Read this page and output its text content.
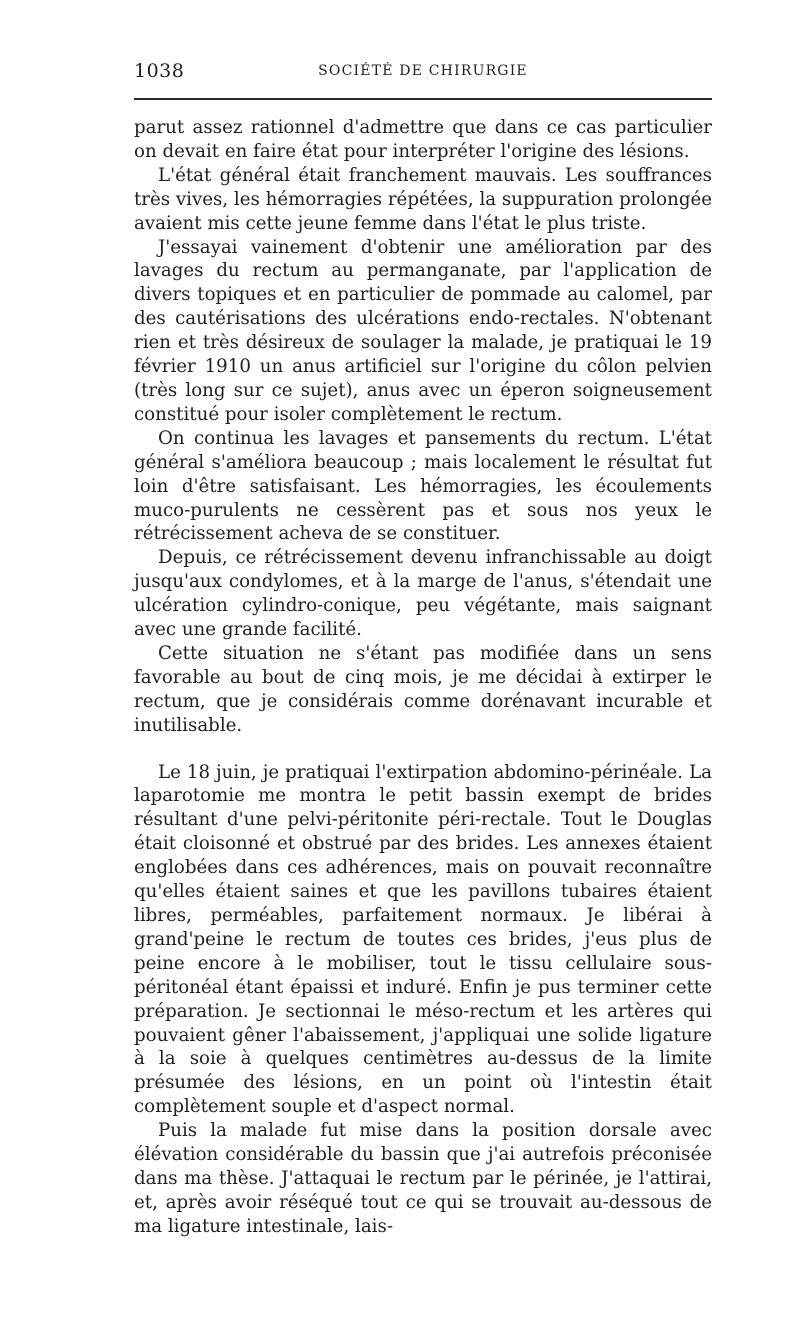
1038	SOCIÉTÉ DE CHIRURGIE

parut assez rationnel d'admettre que dans ce cas particulier on devait en faire état pour interpréter l'origine des lésions.

L'état général était franchement mauvais. Les souffrances très vives, les hémorragies répétées, la suppuration prolongée avaient mis cette jeune femme dans l'état le plus triste.

J'essayai vainement d'obtenir une amélioration par des lavages du rectum au permanganate, par l'application de divers topiques et en particulier de pommade au calomel, par des cautérisations des ulcérations endo-rectales. N'obtenant rien et très désireux de soulager la malade, je pratiquai le 19 février 1910 un anus artificiel sur l'origine du côlon pelvien (très long sur ce sujet), anus avec un éperon soigneusement constitué pour isoler complètement le rectum.

On continua les lavages et pansements du rectum. L'état général s'améliora beaucoup ; mais localement le résultat fut loin d'être satisfaisant. Les hémorragies, les écoulements muco-purulents ne cessèrent pas et sous nos yeux le rétrécissement acheva de se constituer.

Depuis, ce rétrécissement devenu infranchissable au doigt jusqu'aux condylomes, et à la marge de l'anus, s'étendait une ulcération cylindro-conique, peu végétante, mais saignant avec une grande facilité.

Cette situation ne s'étant pas modifiée dans un sens favorable au bout de cinq mois, je me décidai à extirper le rectum, que je considérais comme dorénavant incurable et inutilisable.

Le 18 juin, je pratiquai l'extirpation abdomino-périnéale. La laparotomie me montra le petit bassin exempt de brides résultant d'une pelvi-péritonite péri-rectale. Tout le Douglas était cloisonné et obstrué par des brides. Les annexes étaient englobées dans ces adhérences, mais on pouvait reconnaître qu'elles étaient saines et que les pavillons tubaires étaient libres, perméables, parfaitement normaux. Je libérai à grand'peine le rectum de toutes ces brides, j'eus plus de peine encore à le mobiliser, tout le tissu cellulaire sous-péritonéal étant épaissi et induré. Enfin je pus terminer cette préparation. Je sectionnai le méso-rectum et les artères qui pouvaient gêner l'abaissement, j'appliquai une solide ligature à la soie à quelques centimètres au-dessus de la limite présumée des lésions, en un point où l'intestin était complètement souple et d'aspect normal.

Puis la malade fut mise dans la position dorsale avec élévation considérable du bassin que j'ai autrefois préconisée dans ma thèse. J'attaquai le rectum par le périnée, je l'attirai, et, après avoir réséqué tout ce qui se trouvait au-dessous de ma ligature intestinale, lais-
